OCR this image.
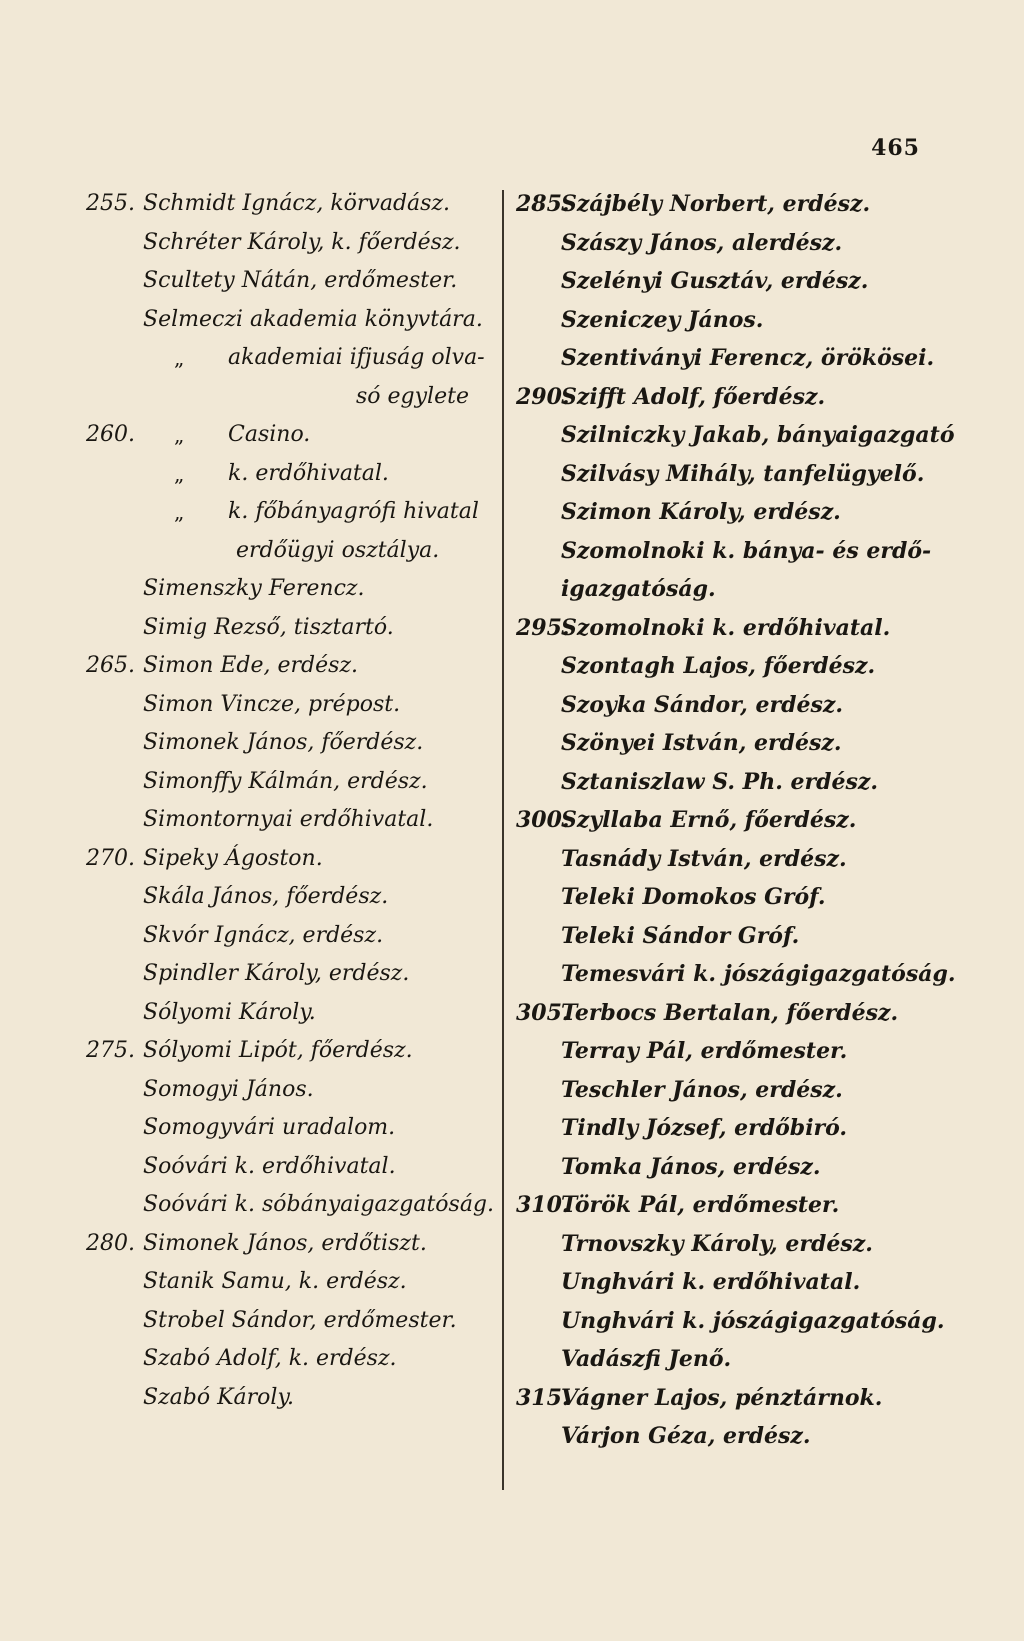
465
255. Schmidt Ignácz, körvadász.
Schréter Károly, k. főerdész.
Scultety Nátán, erdőmester.
Selmeczi akademia könyvtára.
„ akademiai ifjuság olva-
só egylete
260. „ Casino.
„ k. erdőhivatal.
„ k. főbányagrófi hivatal
erdőügyi osztálya.
Simenszky Ferencz.
Simig Rezső, tisztartó.
265. Simon Ede, erdész.
Simon Vincze, prépost.
Simonek János, főerdész.
Simonffy Kálmán, erdész.
Simontornyai erdőhivatal.
270. Sipeky Ágoston.
Skála János, főerdész.
Skvór Ignácz, erdész.
Spindler Károly, erdész.
Sólyomi Károly.
275. Sólyomi Lipót, főerdész.
Somogyi János.
Somogyvári uradalom.
Soóvári k. erdőhivatal.
Soóvári k. sóbányaigazgatóság.
280. Simonek János, erdőtiszt.
Stanik Samu, k. erdész.
Strobel Sándor, erdőmester.
Szabó Adolf, k. erdész.
Szabó Károly.
285.
Szájbély Norbert, erdész.
Szászy János, alerdész.
Szelényi Gusztáv, erdész.
Szeniczey János.
Szentiványi Ferencz, örökösei.
290.
Szifft Adolf, főerdész.
Szilniczky Jakab, bányaigazgató
Szilvásy Mihály, tanfelügyelő.
Szimon Károly, erdész.
Szomolnoki k. bánya- és erdő-
igazgatóság.
295.
Szomolnoki k. erdőhivatal.
Szontagh Lajos, főerdész.
Szoyka Sándor, erdész.
Szönyei István, erdész.
Sztaniszlaw S. Ph. erdész.
300.
Szyllaba Ernő, főerdész.
Tasnády István, erdész.
Teleki Domokos Gróf.
Teleki Sándor Gróf.
Temesvári k. jószágigazgatóság.
305.
Terbocs Bertalan, főerdész.
Terray Pál, erdőmester.
Teschler János, erdész.
Tindly József, erdőbiró.
Tomka János, erdész.
310.
Török Pál, erdőmester.
Trnovszky Károly, erdész.
Unghvári k. erdőhivatal.
Unghvári k. jószágigazgatóság.
Vadászfi Jenő.
315.
Vágner Lajos, pénztárnok.
Várjon Géza, erdész.
